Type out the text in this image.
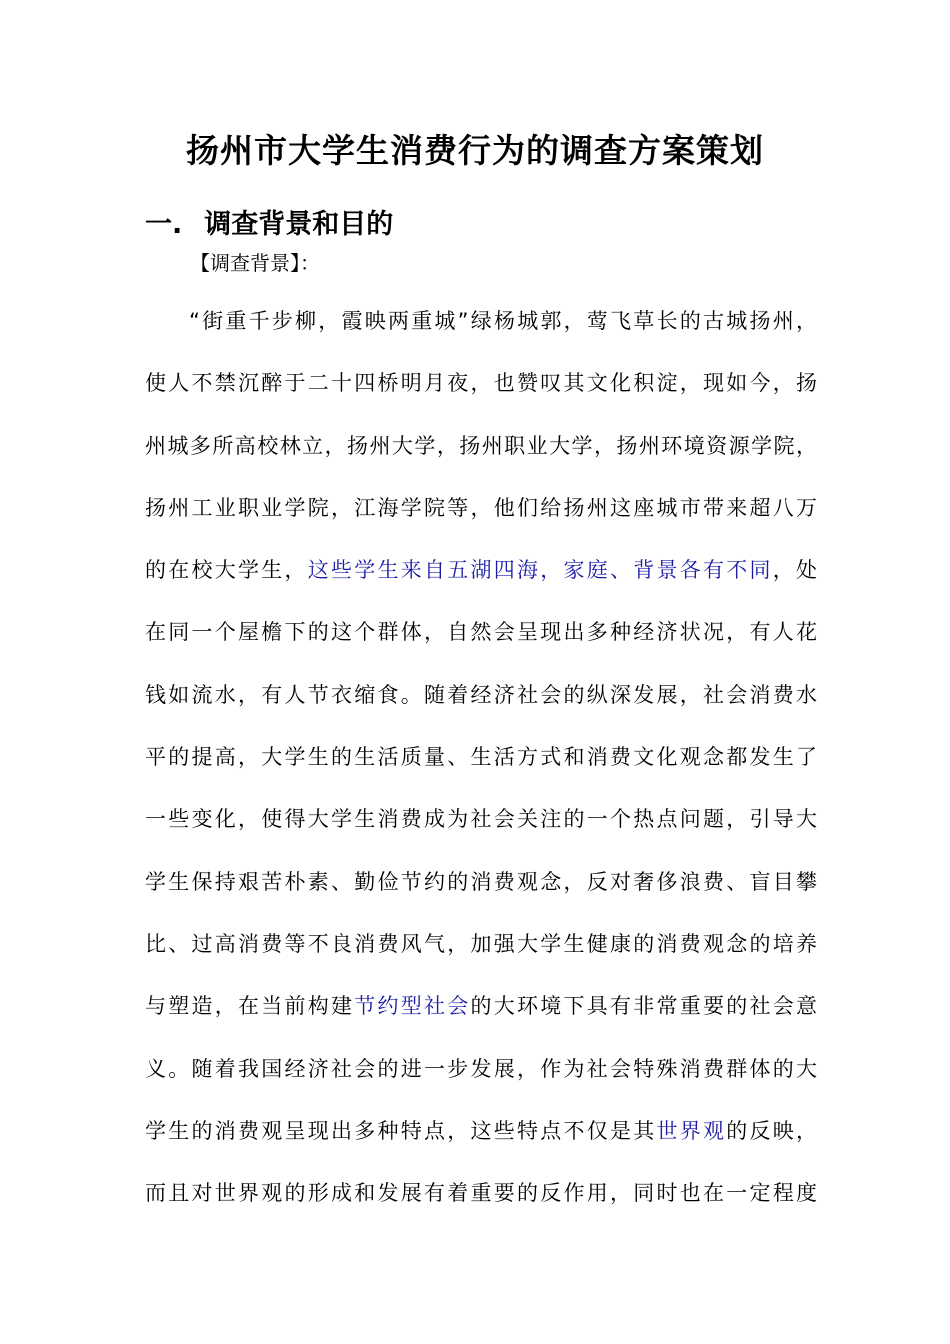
扬州市大学生消费行为的调查方案策划
一. 调查背景和目的

【调查背景】：

“街重千步柳，霞映两重城”绿杨城郭，莺飞草长的古城扬州，
使人不禁沉醉于二十四桥明月夜，也赞叹其文化积淀，现如今，扬
州城多所高校林立，扬州大学，扬州职业大学，扬州环境资源学院，
扬州工业职业学院，江海学院等，他们给扬州这座城市带来超八万
的在校大学生，这些学生来自五湖四海，家庭、背景各有不同，处
在同一个屋檐下的这个群体，自然会呈现出多种经济状况，有人花
钱如流水，有人节衣缩食。随着经济社会的纵深发展，社会消费水
平的提高，大学生的生活质量、生活方式和消费文化观念都发生了
一些变化，使得大学生消费成为社会关注的一个热点问题，引导大
学生保持艰苦朴素、勤俭节约的消费观念，反对奢侈浪费、盲目攀
比、过高消费等不良消费风气，加强大学生健康的消费观念的培养
与塑造，在当前构建节约型社会的大环境下具有非常重要的社会意
义。随着我国经济社会的进一步发展，作为社会特殊消费群体的大
学生的消费观呈现出多种特点，这些特点不仅是其世界观的反映，
而且对世界观的形成和发展有着重要的反作用，同时也在一定程度
